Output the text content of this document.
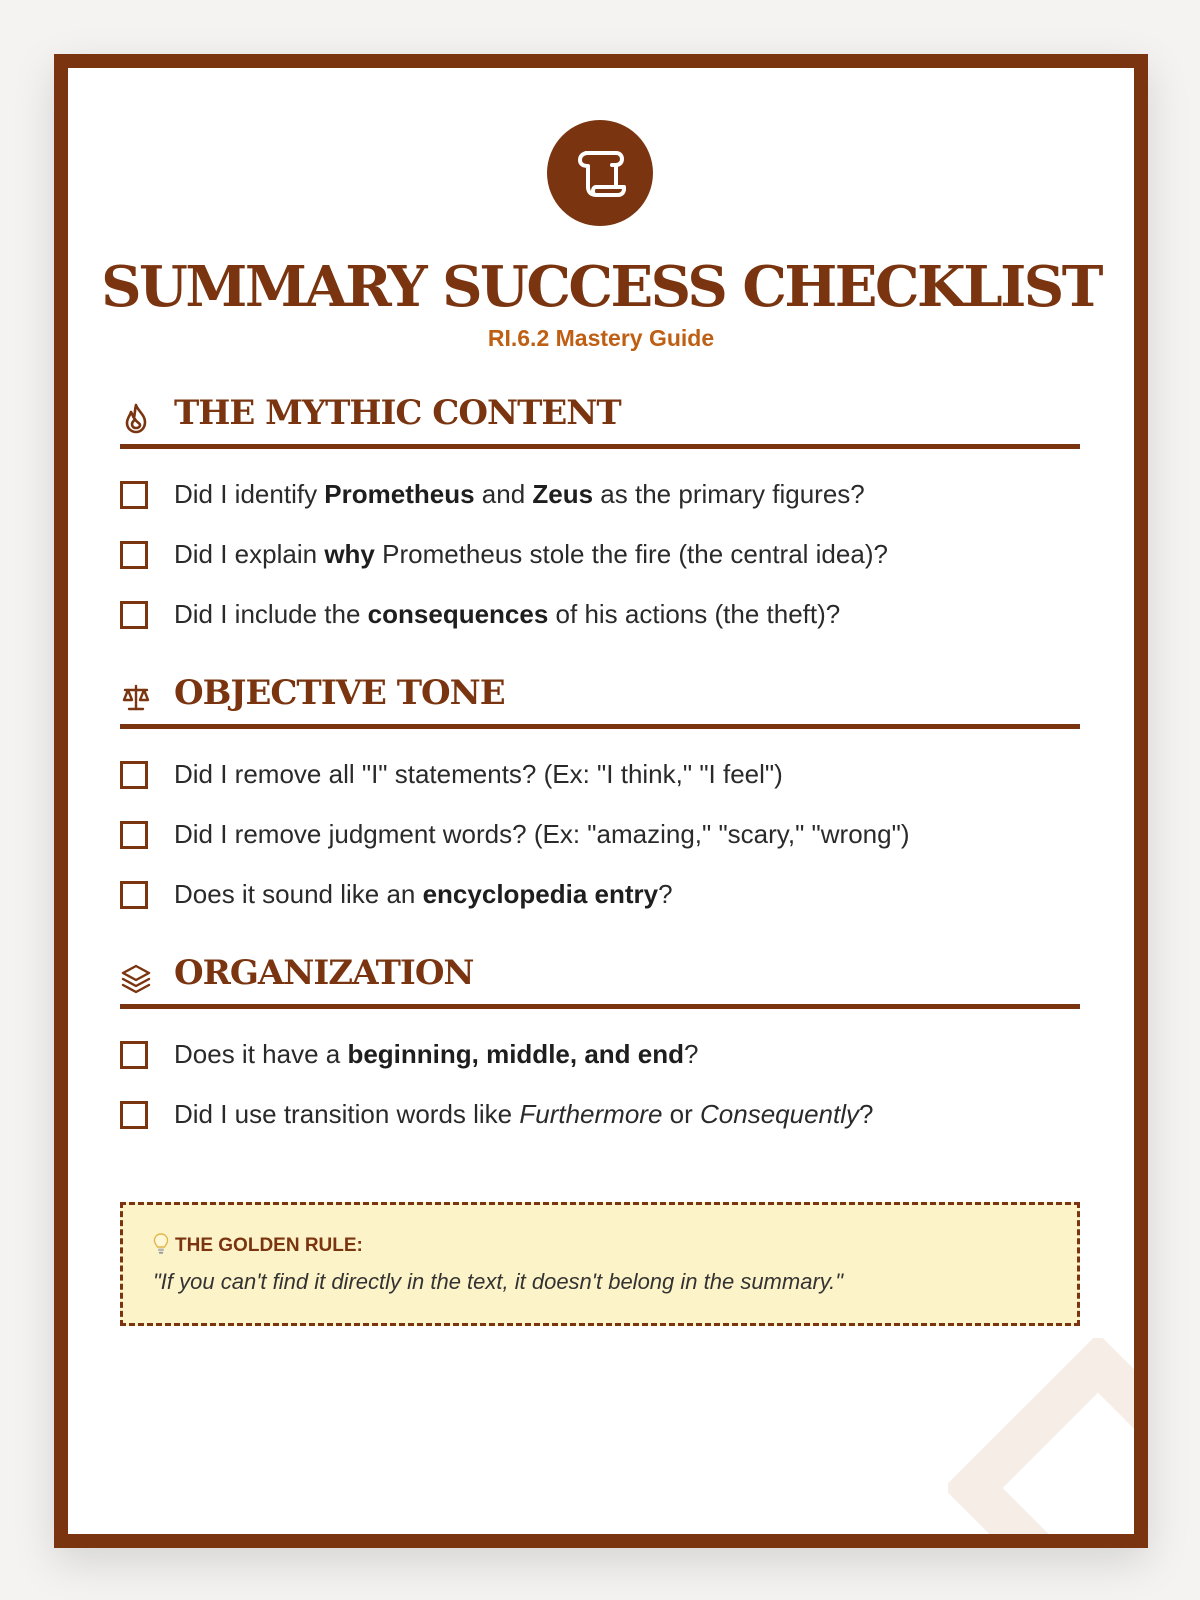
SUMMARY SUCCESS CHECKLIST
RI.6.2 Mastery Guide
THE MYTHIC CONTENT
Did I identify Prometheus and Zeus as the primary figures?
Did I explain why Prometheus stole the fire (the central idea)?
Did I include the consequences of his actions (the theft)?
OBJECTIVE TONE
Did I remove all "I" statements? (Ex: "I think," "I feel")
Did I remove judgment words? (Ex: "amazing," "scary," "wrong")
Does it sound like an encyclopedia entry?
ORGANIZATION
Does it have a beginning, middle, and end?
Did I use transition words like Furthermore or Consequently?
THE GOLDEN RULE:
"If you can't find it directly in the text, it doesn't belong in the summary."
